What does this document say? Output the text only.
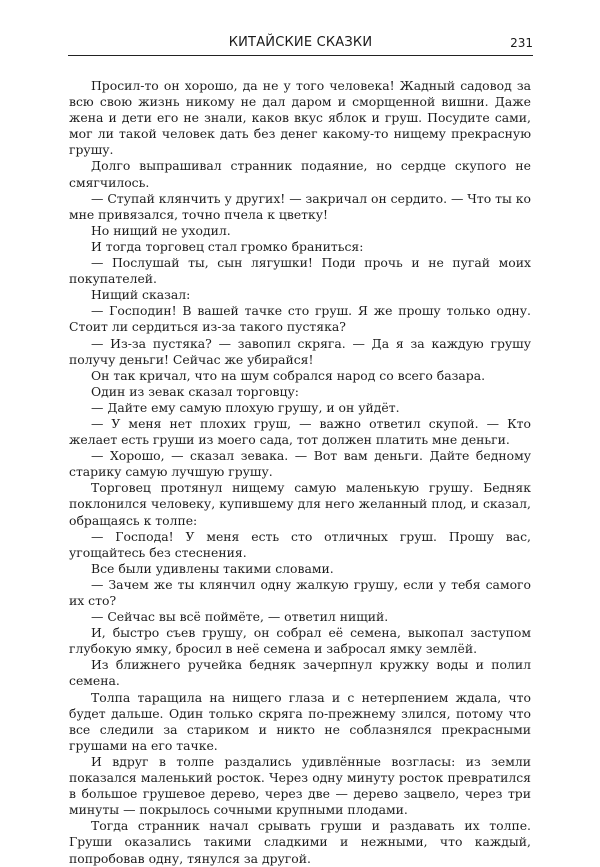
КИТАЙСКИЕ СКАЗКИ	231

Просил-то он хорошо, да не у того человека! Жадный садовод за всю свою жизнь никому не дал даром и сморщенной вишни. Даже жена и дети его не знали, каков вкус яблок и груш. Посудите сами, мог ли такой человек дать без денег какому-то нищему прекрасную грушу.

Долго выпрашивал странник подаяние, но сердце скупого не смягчилось.

— Ступай клянчить у других! — закричал он сердито. — Что ты ко мне привязался, точно пчела к цветку!

Но нищий не уходил.

И тогда торговец стал громко браниться:

— Послушай ты, сын лягушки! Поди прочь и не пугай моих покупателей.

Нищий сказал:

— Господин! В вашей тачке сто груш. Я же прошу только одну. Стоит ли сердиться из-за такого пустяка?

— Из-за пустяка? — завопил скряга. — Да я за каждую грушу получу деньги! Сейчас же убирайся!

Он так кричал, что на шум собрался народ со всего базара.

Один из зевак сказал торговцу:

— Дайте ему самую плохую грушу, и он уйдёт.

— У меня нет плохих груш, — важно ответил скупой. — Кто желает есть груши из моего сада, тот должен платить мне деньги.

— Хорошо, — сказал зевака. — Вот вам деньги. Дайте бедному старику самую лучшую грушу.

Торговец протянул нищему самую маленькую грушу. Бедняк поклонился человеку, купившему для него желанный плод, и сказал, обращаясь к толпе:

— Господа! У меня есть сто отличных груш. Прошу вас, угощайтесь без стеснения.

Все были удивлены такими словами.

— Зачем же ты клянчил одну жалкую грушу, если у тебя самого их сто?

— Сейчас вы всё поймёте, — ответил нищий.

И, быстро съев грушу, он собрал её семена, выкопал заступом глубокую ямку, бросил в неё семена и забросал ямку землёй.

Из ближнего ручейка бедняк зачерпнул кружку воды и полил семена.

Толпа таращила на нищего глаза и с нетерпением ждала, что будет дальше. Один только скряга по-прежнему злился, потому что все следили за стариком и никто не соблазнялся прекрасными грушами на его тачке.

И вдруг в толпе раздались удивлённые возгласы: из земли показался маленький росток. Через одну минуту росток превратился в большое грушевое дерево, через две — дерево зацвело, через три минуты — покрылось сочными крупными плодами.

Тогда странник начал срывать груши и раздавать их толпе. Груши оказались такими сладкими и нежными, что каждый, попробовав одну, тянулся за другой.
